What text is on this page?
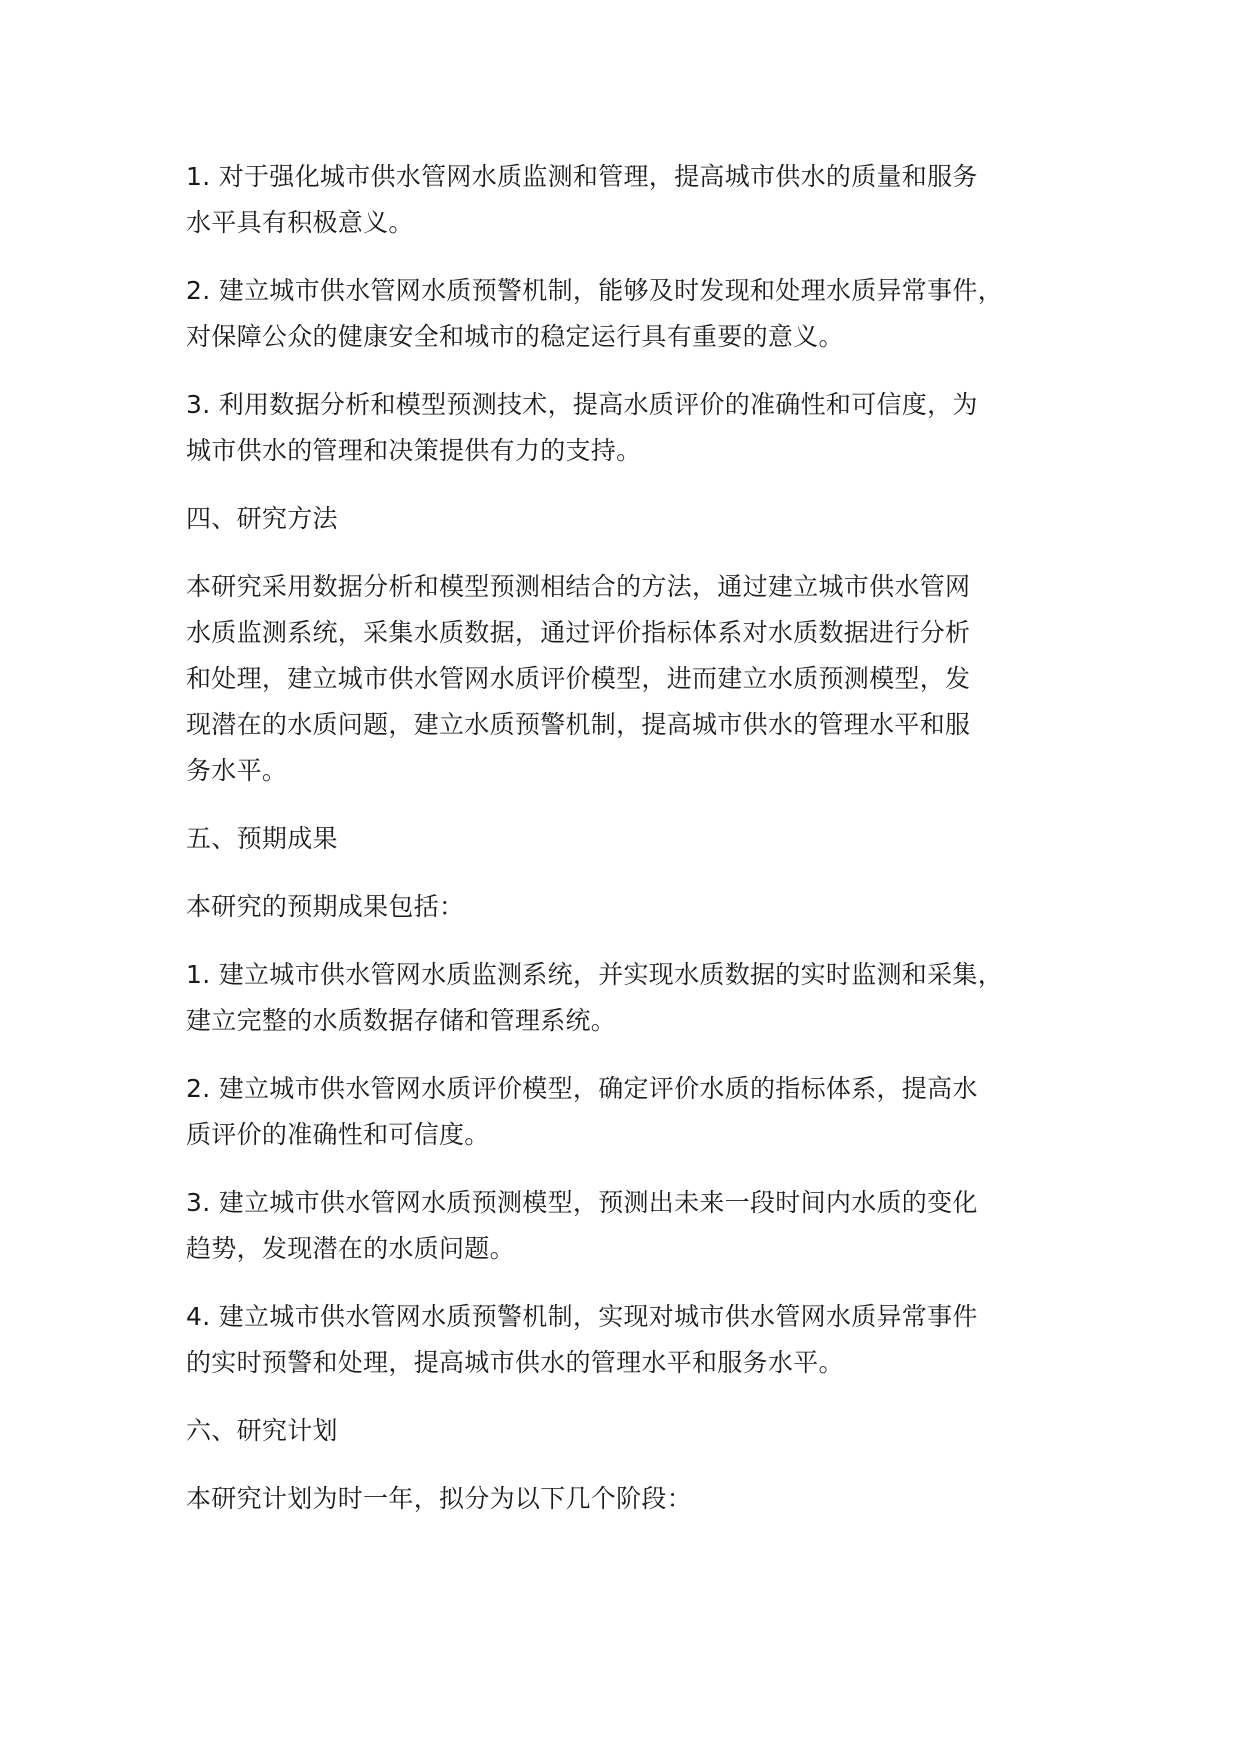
1. 对于强化城市供水管网水质监测和管理，提高城市供水的质量和服务
水平具有积极意义。

2. 建立城市供水管网水质预警机制，能够及时发现和处理水质异常事件，
对保障公众的健康安全和城市的稳定运行具有重要的意义。

3. 利用数据分析和模型预测技术，提高水质评价的准确性和可信度，为
城市供水的管理和决策提供有力的支持。

四、研究方法

本研究采用数据分析和模型预测相结合的方法，通过建立城市供水管网
水质监测系统，采集水质数据，通过评价指标体系对水质数据进行分析
和处理，建立城市供水管网水质评价模型，进而建立水质预测模型，发
现潜在的水质问题，建立水质预警机制，提高城市供水的管理水平和服
务水平。

五、预期成果

本研究的预期成果包括：

1. 建立城市供水管网水质监测系统，并实现水质数据的实时监测和采集，
建立完整的水质数据存储和管理系统。

2. 建立城市供水管网水质评价模型，确定评价水质的指标体系，提高水
质评价的准确性和可信度。

3. 建立城市供水管网水质预测模型，预测出未来一段时间内水质的变化
趋势，发现潜在的水质问题。

4. 建立城市供水管网水质预警机制，实现对城市供水管网水质异常事件
的实时预警和处理，提高城市供水的管理水平和服务水平。

六、研究计划

本研究计划为时一年，拟分为以下几个阶段：
